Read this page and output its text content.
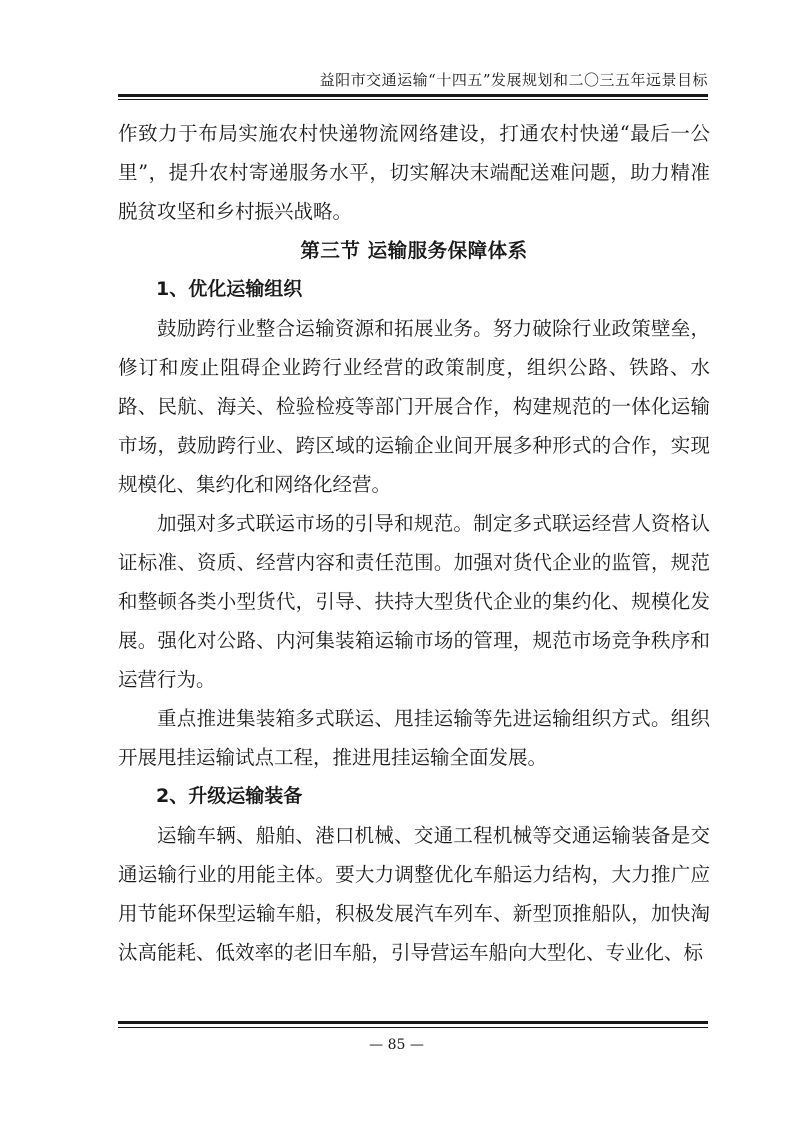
益阳市交通运输“十四五”发展规划和二〇三五年远景目标

作致力于布局实施农村快递物流网络建设，打通农村快递“最后一公里”，提升农村寄递服务水平，切实解决末端配送难问题，助力精准脱贫攻坚和乡村振兴战略。

第三节 运输服务保障体系

1、优化运输组织

鼓励跨行业整合运输资源和拓展业务。努力破除行业政策壁垒，修订和废止阻碍企业跨行业经营的政策制度，组织公路、铁路、水路、民航、海关、检验检疫等部门开展合作，构建规范的一体化运输市场，鼓励跨行业、跨区域的运输企业间开展多种形式的合作，实现规模化、集约化和网络化经营。

加强对多式联运市场的引导和规范。制定多式联运经营人资格认证标准、资质、经营内容和责任范围。加强对货代企业的监管，规范和整顿各类小型货代，引导、扶持大型货代企业的集约化、规模化发展。强化对公路、内河集装箱运输市场的管理，规范市场竞争秩序和运营行为。

重点推进集装箱多式联运、甩挂运输等先进运输组织方式。组织开展甩挂运输试点工程，推进甩挂运输全面发展。

2、升级运输装备

运输车辆、船舶、港口机械、交通工程机械等交通运输装备是交通运输行业的用能主体。要大力调整优化车船运力结构，大力推广应用节能环保型运输车船，积极发展汽车列车、新型顶推船队，加快淘汰高能耗、低效率的老旧车船，引导营运车船向大型化、专业化、标

— 85 —
